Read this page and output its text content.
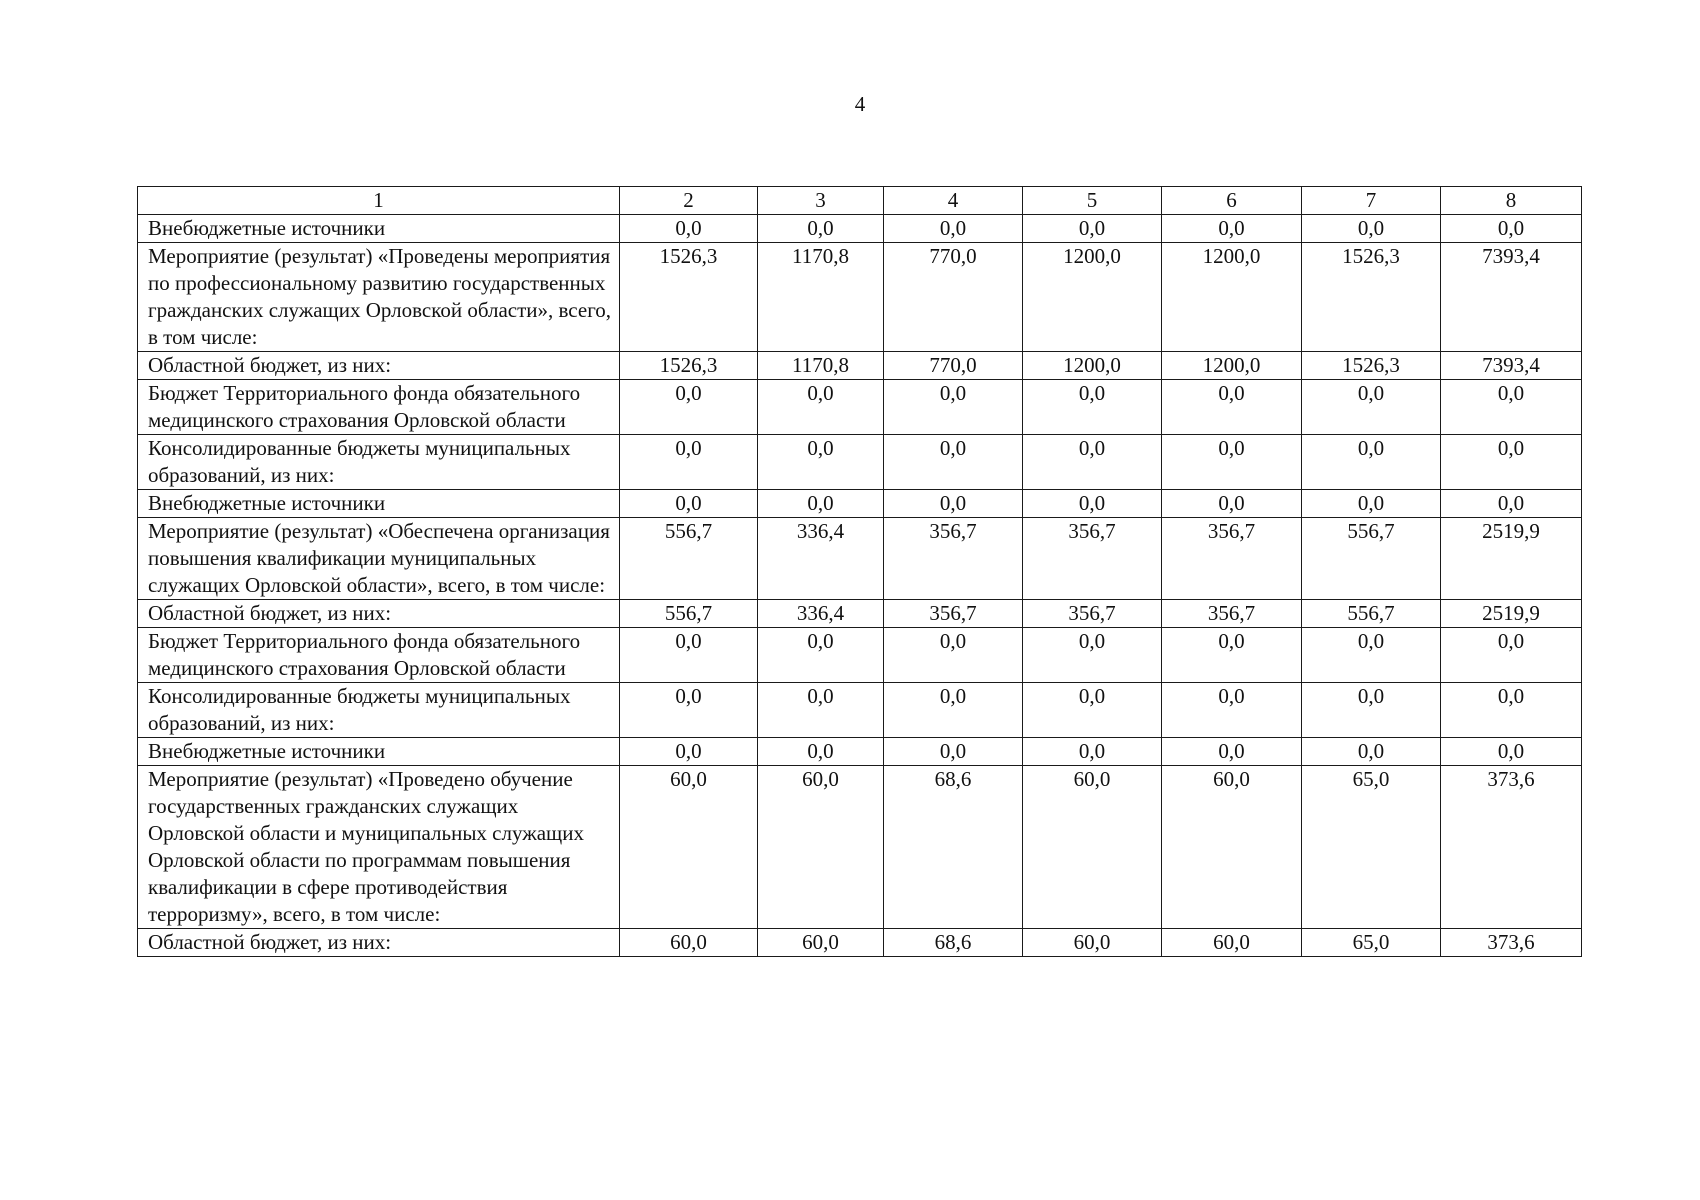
4
1	2	3	4	5	6	7	8
Внебюджетные источники	0,0	0,0	0,0	0,0	0,0	0,0	0,0
Мероприятие (результат) «Проведены мероприятия по профессиональному развитию государственных гражданских служащих Орловской области», всего, в том числе:	1526,3	1170,8	770,0	1200,0	1200,0	1526,3	7393,4
Областной бюджет, из них:	1526,3	1170,8	770,0	1200,0	1200,0	1526,3	7393,4
Бюджет Территориального фонда обязательного медицинского страхования Орловской области	0,0	0,0	0,0	0,0	0,0	0,0	0,0
Консолидированные бюджеты муниципальных образований, из них:	0,0	0,0	0,0	0,0	0,0	0,0	0,0
Внебюджетные источники	0,0	0,0	0,0	0,0	0,0	0,0	0,0
Мероприятие (результат) «Обеспечена организация повышения квалификации муниципальных служащих Орловской области», всего, в том числе:	556,7	336,4	356,7	356,7	356,7	556,7	2519,9
Областной бюджет, из них:	556,7	336,4	356,7	356,7	356,7	556,7	2519,9
Бюджет Территориального фонда обязательного медицинского страхования Орловской области	0,0	0,0	0,0	0,0	0,0	0,0	0,0
Консолидированные бюджеты муниципальных образований, из них:	0,0	0,0	0,0	0,0	0,0	0,0	0,0
Внебюджетные источники	0,0	0,0	0,0	0,0	0,0	0,0	0,0
Мероприятие (результат) «Проведено обучение государственных гражданских служащих Орловской области и муниципальных служащих Орловской области по программам повышения квалификации в сфере противодействия терроризму», всего, в том числе:	60,0	60,0	68,6	60,0	60,0	65,0	373,6
Областной бюджет, из них:	60,0	60,0	68,6	60,0	60,0	65,0	373,6
